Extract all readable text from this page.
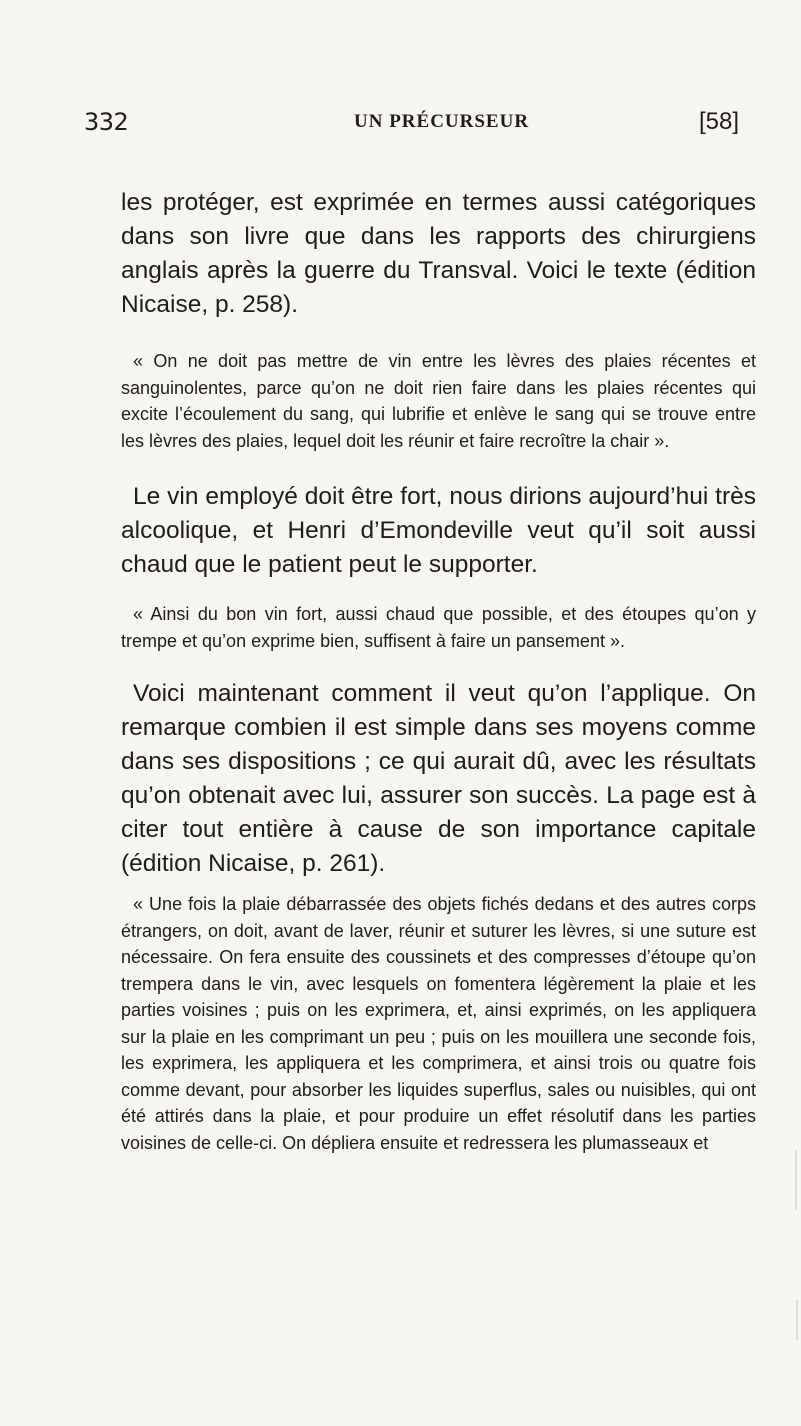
332	UN PRÉCURSEUR	[58]

les protéger, est exprimée en termes aussi catégoriques dans son livre que dans les rapports des chirurgiens anglais après la guerre du Transval. Voici le texte (édition Nicaise, p. 258).

« On ne doit pas mettre de vin entre les lèvres des plaies récentes et sanguinolentes, parce qu’on ne doit rien faire dans les plaies récentes qui excite l’écoulement du sang, qui lubrifie et enlève le sang qui se trouve entre les lèvres des plaies, lequel doit les réunir et faire recroître la chair ».

Le vin employé doit être fort, nous dirions aujourd’hui très alcoolique, et Henri d’Emondeville veut qu’il soit aussi chaud que le patient peut le supporter.

« Ainsi du bon vin fort, aussi chaud que possible, et des étoupes qu’on y trempe et qu’on exprime bien, suffisent à faire un pansement ».

Voici maintenant comment il veut qu’on l’applique. On remarque combien il est simple dans ses moyens comme dans ses dispositions ; ce qui aurait dû, avec les résultats qu’on obtenait avec lui, assurer son succès. La page est à citer tout entière à cause de son importance capitale (édition Nicaise, p. 261).

« Une fois la plaie débarrassée des objets fichés dedans et des autres corps étrangers, on doit, avant de laver, réunir et suturer les lèvres, si une suture est nécessaire. On fera ensuite des coussinets et des compresses d’étoupe qu’on trempera dans le vin, avec lesquels on fomentera légèrement la plaie et les parties voisines ; puis on les exprimera, et, ainsi exprimés, on les appliquera sur la plaie en les comprimant un peu ; puis on les mouillera une seconde fois, les exprimera, les appliquera et les comprimera, et ainsi trois ou quatre fois comme devant, pour absorber les liquides superflus, sales ou nuisibles, qui ont été attirés dans la plaie, et pour produire un effet résolutif dans les parties voisines de celle-ci. On dépliera ensuite et redressera les plumasseaux et
